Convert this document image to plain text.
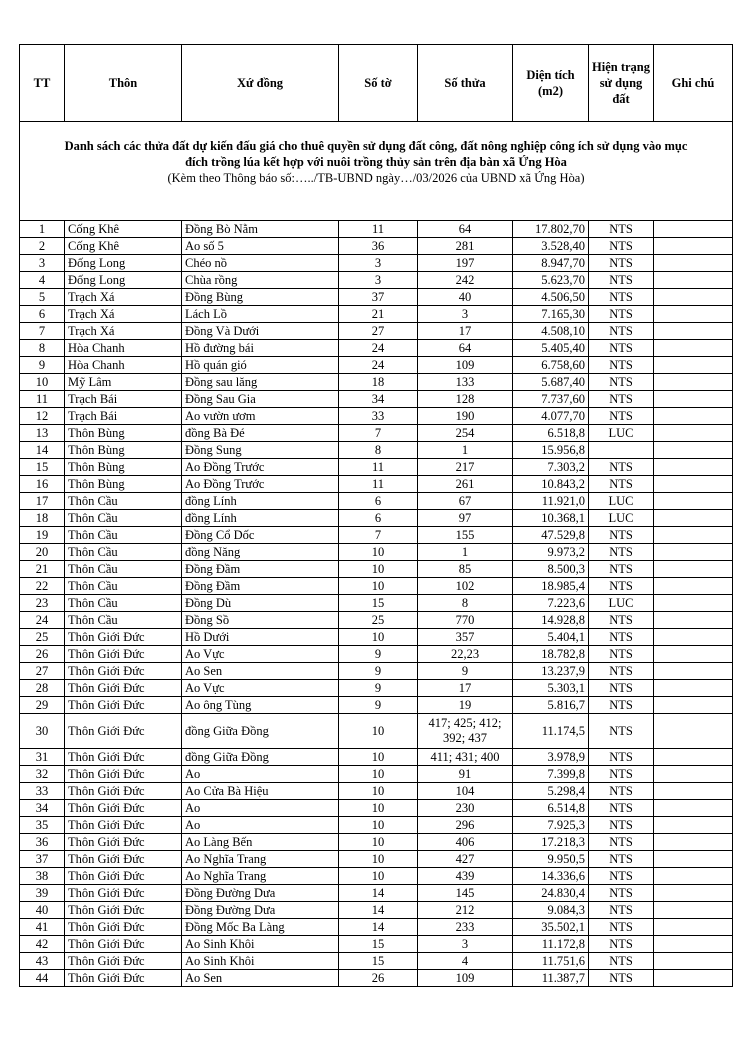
Danh sách các thửa đất dự kiến đấu giá cho thuê quyền sử dụng đất công, đất nông nghiệp công ích sử dụng vào mục
đích trồng lúa kết hợp với nuôi trồng thủy sản trên địa bàn xã Ứng Hòa
(Kèm theo Thông báo số:…../TB-UBND ngày…/03/2026 của UBND xã Ứng Hòa)							

TT	Thôn	Xứ đồng	Số tờ	Số thửa	Diện tích (m2)	Hiện trạng sử dụng đất	Ghi chú
1	Cống Khê	Đồng Bò Nằm	11	64	17.802,70	NTS	
2	Cống Khê	Ao số 5	36	281	3.528,40	NTS	
3	Đống Long	Chéo nồ	3	197	8.947,70	NTS	
4	Đống Long	Chùa rồng	3	242	5.623,70	NTS	
5	Trạch Xá	Đồng Bùng	37	40	4.506,50	NTS	
6	Trạch Xá	Lách Lồ	21	3	7.165,30	NTS	
7	Trạch Xá	Đồng Và Dưới	27	17	4.508,10	NTS	
8	Hòa Chanh	Hồ đường bái	24	64	5.405,40	NTS	
9	Hòa Chanh	Hồ quán gió	24	109	6.758,60	NTS	
10	Mỹ Lâm	Đồng sau lăng	18	133	5.687,40	NTS	
11	Trạch Bái	Đồng Sau Gia	34	128	7.737,60	NTS	
12	Trạch Bái	Ao vườn ươm	33	190	4.077,70	NTS	
13	Thôn Bùng	đồng Bà Đé	7	254	6.518,8	LUC	
14	Thôn Bùng	Đồng Sung	8	1	15.956,8		
15	Thôn Bùng	Ao Đồng Trước	11	217	7.303,2	NTS	
16	Thôn Bùng	Ao Đồng Trước	11	261	10.843,2	NTS	
17	Thôn Cầu	đồng Lính	6	67	11.921,0	LUC	
18	Thôn Cầu	đồng Lính	6	97	10.368,1	LUC	
19	Thôn Cầu	Đồng Cổ Dốc	7	155	47.529,8	NTS	
20	Thôn Cầu	đồng Năng	10	1	9.973,2	NTS	
21	Thôn Cầu	Đồng Đầm	10	85	8.500,3	NTS	
22	Thôn Cầu	Đồng Đầm	10	102	18.985,4	NTS	
23	Thôn Cầu	Đồng Dù	15	8	7.223,6	LUC	
24	Thôn Cầu	Đồng Sồ	25	770	14.928,8	NTS	
25	Thôn Giới Đức	Hồ Dưới	10	357	5.404,1	NTS	
26	Thôn Giới Đức	Ao Vực	9	22,23	18.782,8	NTS	
27	Thôn Giới Đức	Ao Sen	9	9	13.237,9	NTS	
28	Thôn Giới Đức	Ao Vực	9	17	5.303,1	NTS	
29	Thôn Giới Đức	Ao ông Tùng	9	19	5.816,7	NTS	
30	Thôn Giới Đức	đồng Giữa Đồng	10	417; 425; 412; 392; 437	11.174,5	NTS	
31	Thôn Giới Đức	đồng Giữa Đồng	10	411; 431; 400	3.978,9	NTS	
32	Thôn Giới Đức	Ao	10	91	7.399,8	NTS	
33	Thôn Giới Đức	Ao Cửa Bà Hiệu	10	104	5.298,4	NTS	
34	Thôn Giới Đức	Ao	10	230	6.514,8	NTS	
35	Thôn Giới Đức	Ao	10	296	7.925,3	NTS	
36	Thôn Giới Đức	Ao Làng Bến	10	406	17.218,3	NTS	
37	Thôn Giới Đức	Ao Nghĩa Trang	10	427	9.950,5	NTS	
38	Thôn Giới Đức	Ao Nghĩa Trang	10	439	14.336,6	NTS	
39	Thôn Giới Đức	Đồng Đường Dưa	14	145	24.830,4	NTS	
40	Thôn Giới Đức	Đồng Đường Dưa	14	212	9.084,3	NTS	
41	Thôn Giới Đức	Đồng Mốc Ba Làng	14	233	35.502,1	NTS	
42	Thôn Giới Đức	Ao Sinh Khôi	15	3	11.172,8	NTS	
43	Thôn Giới Đức	Ao Sinh Khôi	15	4	11.751,6	NTS	
44	Thôn Giới Đức	Ao Sen	26	109	11.387,7	NTS	
